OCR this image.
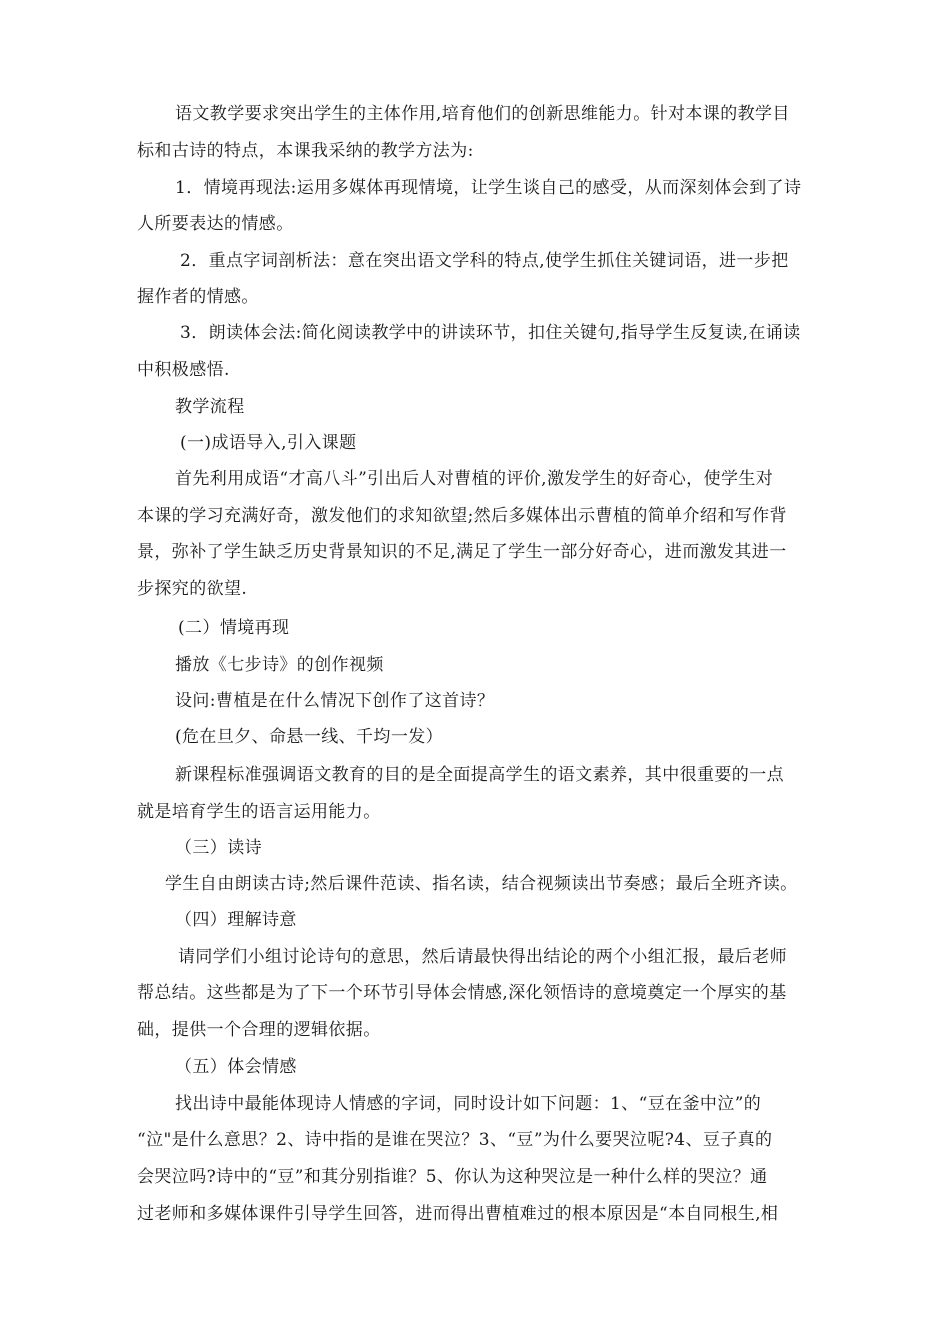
语文教学要求突出学生的主体作用,培育他们的创新思维能力。针对本课的教学目
标和古诗的特点，本课我采纳的教学方法为:
1．情境再现法:运用多媒体再现情境，让学生谈自己的感受，从而深刻体会到了诗
人所要表达的情感。
2．重点字词剖析法：意在突出语文学科的特点,使学生抓住关键词语，进一步把
握作者的情感。
3．朗读体会法:简化阅读教学中的讲读环节，扣住关键句,指导学生反复读,在诵读
中积极感悟.
教学流程
(一)成语导入,引入课题
首先利用成语“才高八斗”引出后人对曹植的评价,激发学生的好奇心，使学生对
本课的学习充满好奇，激发他们的求知欲望;然后多媒体出示曹植的简单介绍和写作背
景，弥补了学生缺乏历史背景知识的不足,满足了学生一部分好奇心，进而激发其进一
步探究的欲望.
(二）情境再现
播放《七步诗》的创作视频
设问:曹植是在什么情况下创作了这首诗？
(危在旦夕、命悬一线、千均一发）
新课程标准强调语文教育的目的是全面提高学生的语文素养，其中很重要的一点
就是培育学生的语言运用能力。
（三）读诗
学生自由朗读古诗;然后课件范读、指名读，结合视频读出节奏感；最后全班齐读。
（四）理解诗意
请同学们小组讨论诗句的意思，然后请最快得出结论的两个小组汇报，最后老师
帮总结。这些都是为了下一个环节引导体会情感,深化领悟诗的意境奠定一个厚实的基
础，提供一个合理的逻辑依据。
（五）体会情感
找出诗中最能体现诗人情感的字词，同时设计如下问题：1、“豆在釜中泣”的
“泣"是什么意思？2、诗中指的是谁在哭泣？3、“豆”为什么要哭泣呢?4、豆子真的
会哭泣吗?诗中的“豆”和萁分别指谁？5、你认为这种哭泣是一种什么样的哭泣？通
过老师和多媒体课件引导学生回答，进而得出曹植难过的根本原因是“本自同根生,相
